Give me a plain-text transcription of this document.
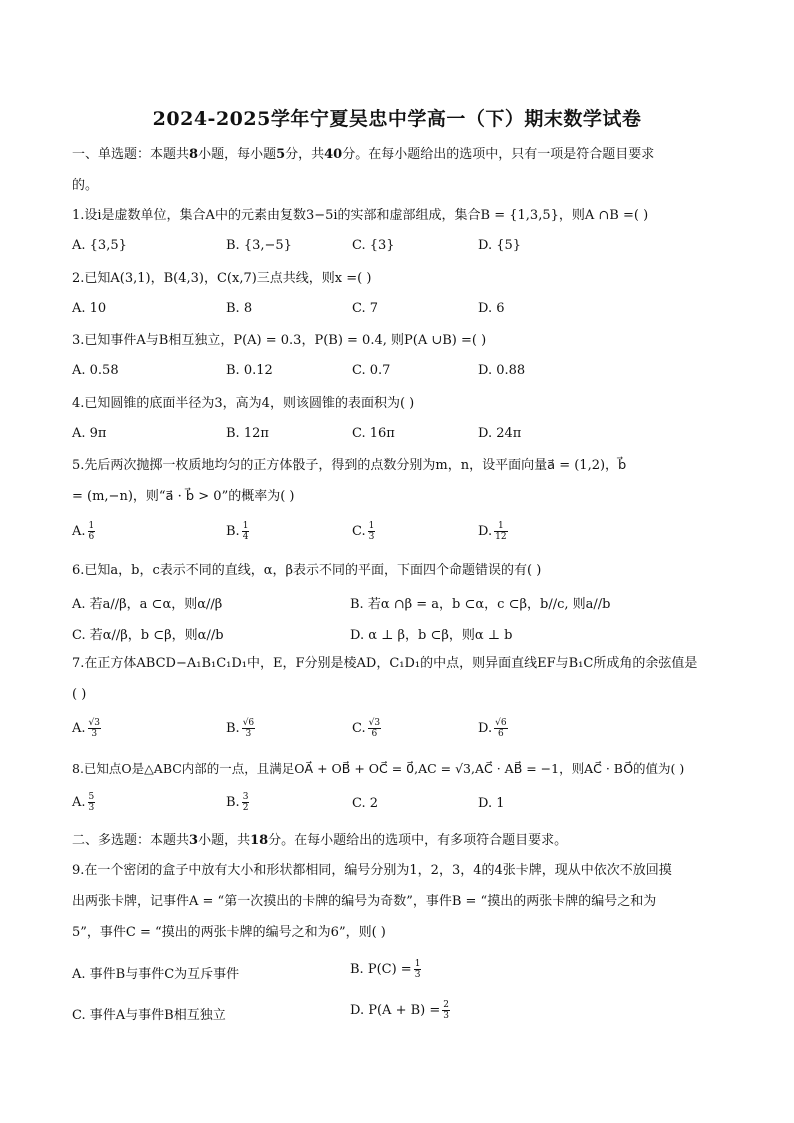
2024-2025学年宁夏吴忠中学高一（下）期末数学试卷
一、单选题：本题共8小题，每小题5分，共40分。在每小题给出的选项中，只有一项是符合题目要求
的。
1.设i是虚数单位，集合A中的元素由复数3−5i的实部和虚部组成，集合B = {1,3,5}，则A ∩B =( )
A. {3,5}	B. {3,−5}	C. {3}	D. {5}
2.已知A(3,1)，B(4,3)，C(x,7)三点共线，则x =( )
A. 10	B. 8	C. 7	D. 6
3.已知事件A与B相互独立，P(A) = 0.3，P(B) = 0.4, 则P(A ∪B) =( )
A. 0.58	B. 0.12	C. 0.7	D. 0.88
4.已知圆锥的底面半径为3，高为4，则该圆锥的表面积为( )
A. 9π	B. 12π	C. 16π	D. 24π
5.先后两次抛掷一枚质地均匀的正方体骰子，得到的点数分别为m，n，设平面向量a⃗ = (1,2)，b⃗
= (m,−n)，则“a⃗ · b⃗ > 0”的概率为( )
A. $\frac{1}{6}$	B. $\frac{1}{4}$	C. $\frac{1}{3}$	D. $\frac{1}{12}$
6.已知a，b，c表示不同的直线，α，β表示不同的平面，下面四个命题错误的有( )
A. 若a//β，a ⊂α，则α//β	B. 若α ∩β = a，b ⊂α，c ⊂β，b//c, 则a//b
C. 若α//β，b ⊂β，则α//b	D. α ⊥ β，b ⊂β，则α ⊥ b
7.在正方体ABCD−A₁B₁C₁D₁中，E，F分别是棱AD，C₁D₁的中点，则异面直线EF与B₁C所成角的余弦值是
( )
A. $\frac{√3}{3}$	B. $\frac{√6}{3}$	C. $\frac{√3}{6}$	D. $\frac{√6}{6}$
8.已知点O是△ABC内部的一点，且满足OA⃗ + OB⃗ + OC⃗ = 0⃗,AC = √3,AC⃗ · AB⃗ = −1，则AC⃗ · BO⃗的值为( )
A. $\frac{5}{3}$	B. $\frac{3}{2}$	C. 2	D. 1
二、多选题：本题共3小题，共18分。在每小题给出的选项中，有多项符合题目要求。
9.在一个密闭的盒子中放有大小和形状都相同，编号分别为1，2，3，4的4张卡牌，现从中依次不放回摸
出两张卡牌，记事件A = “第一次摸出的卡牌的编号为奇数”，事件B = “摸出的两张卡牌的编号之和为
5”，事件C = “摸出的两张卡牌的编号之和为6”，则( )
A. 事件B与事件C为互斥事件	B. $P(C) = \frac{1}{3}$
C. 事件A与事件B相互独立	D. $P(A + B) = \frac{2}{3}$
